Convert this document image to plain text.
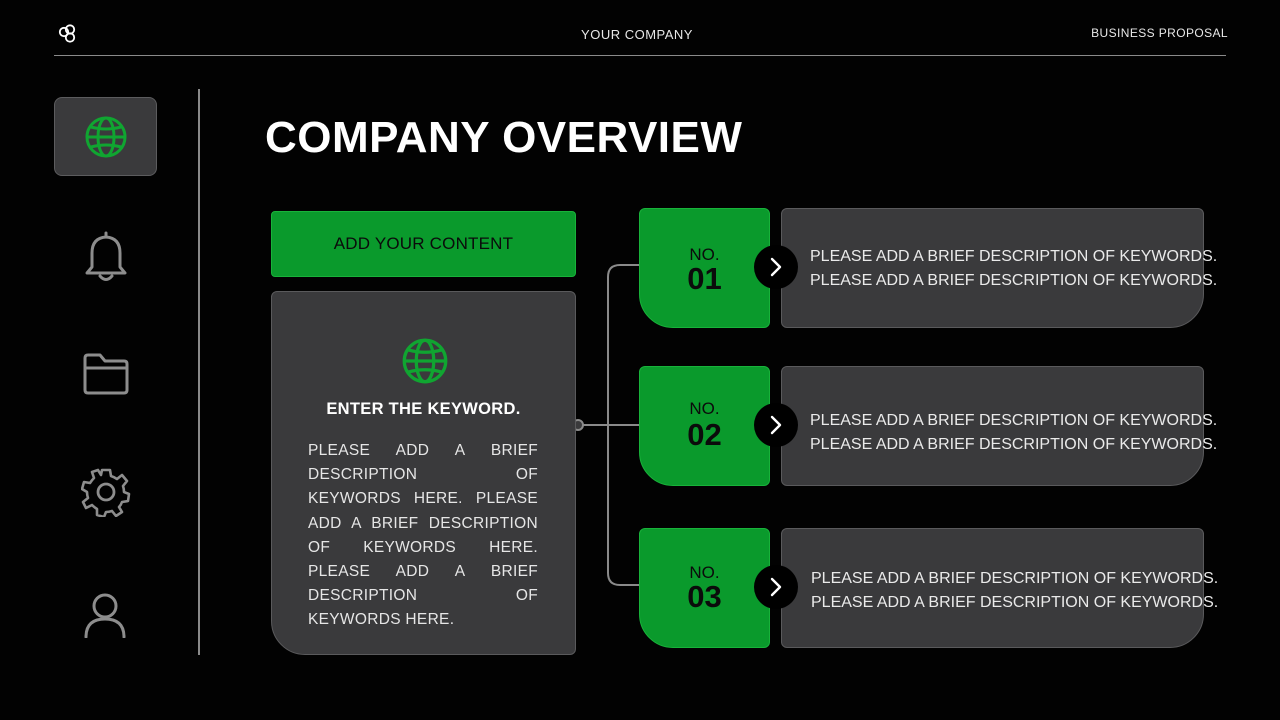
YOUR COMPANY	BUSINESS PROPOSAL
COMPANY OVERVIEW
ADD YOUR CONTENT
ENTER THE KEYWORD.
PLEASE ADD A BRIEF DESCRIPTION OF KEYWORDS HERE. PLEASE ADD A BRIEF DESCRIPTION OF KEYWORDS HERE. PLEASE ADD A BRIEF DESCRIPTION OF KEYWORDS HERE.
NO.
01
PLEASE ADD A BRIEF DESCRIPTION OF KEYWORDS.
PLEASE ADD A BRIEF DESCRIPTION OF KEYWORDS.
NO.
02	PLEASE ADD A BRIEF DESCRIPTION OF KEYWORDS.
PLEASE ADD A BRIEF DESCRIPTION OF KEYWORDS.
NO.
03
PLEASE ADD A BRIEF DESCRIPTION OF KEYWORDS.
PLEASE ADD A BRIEF DESCRIPTION OF KEYWORDS.
